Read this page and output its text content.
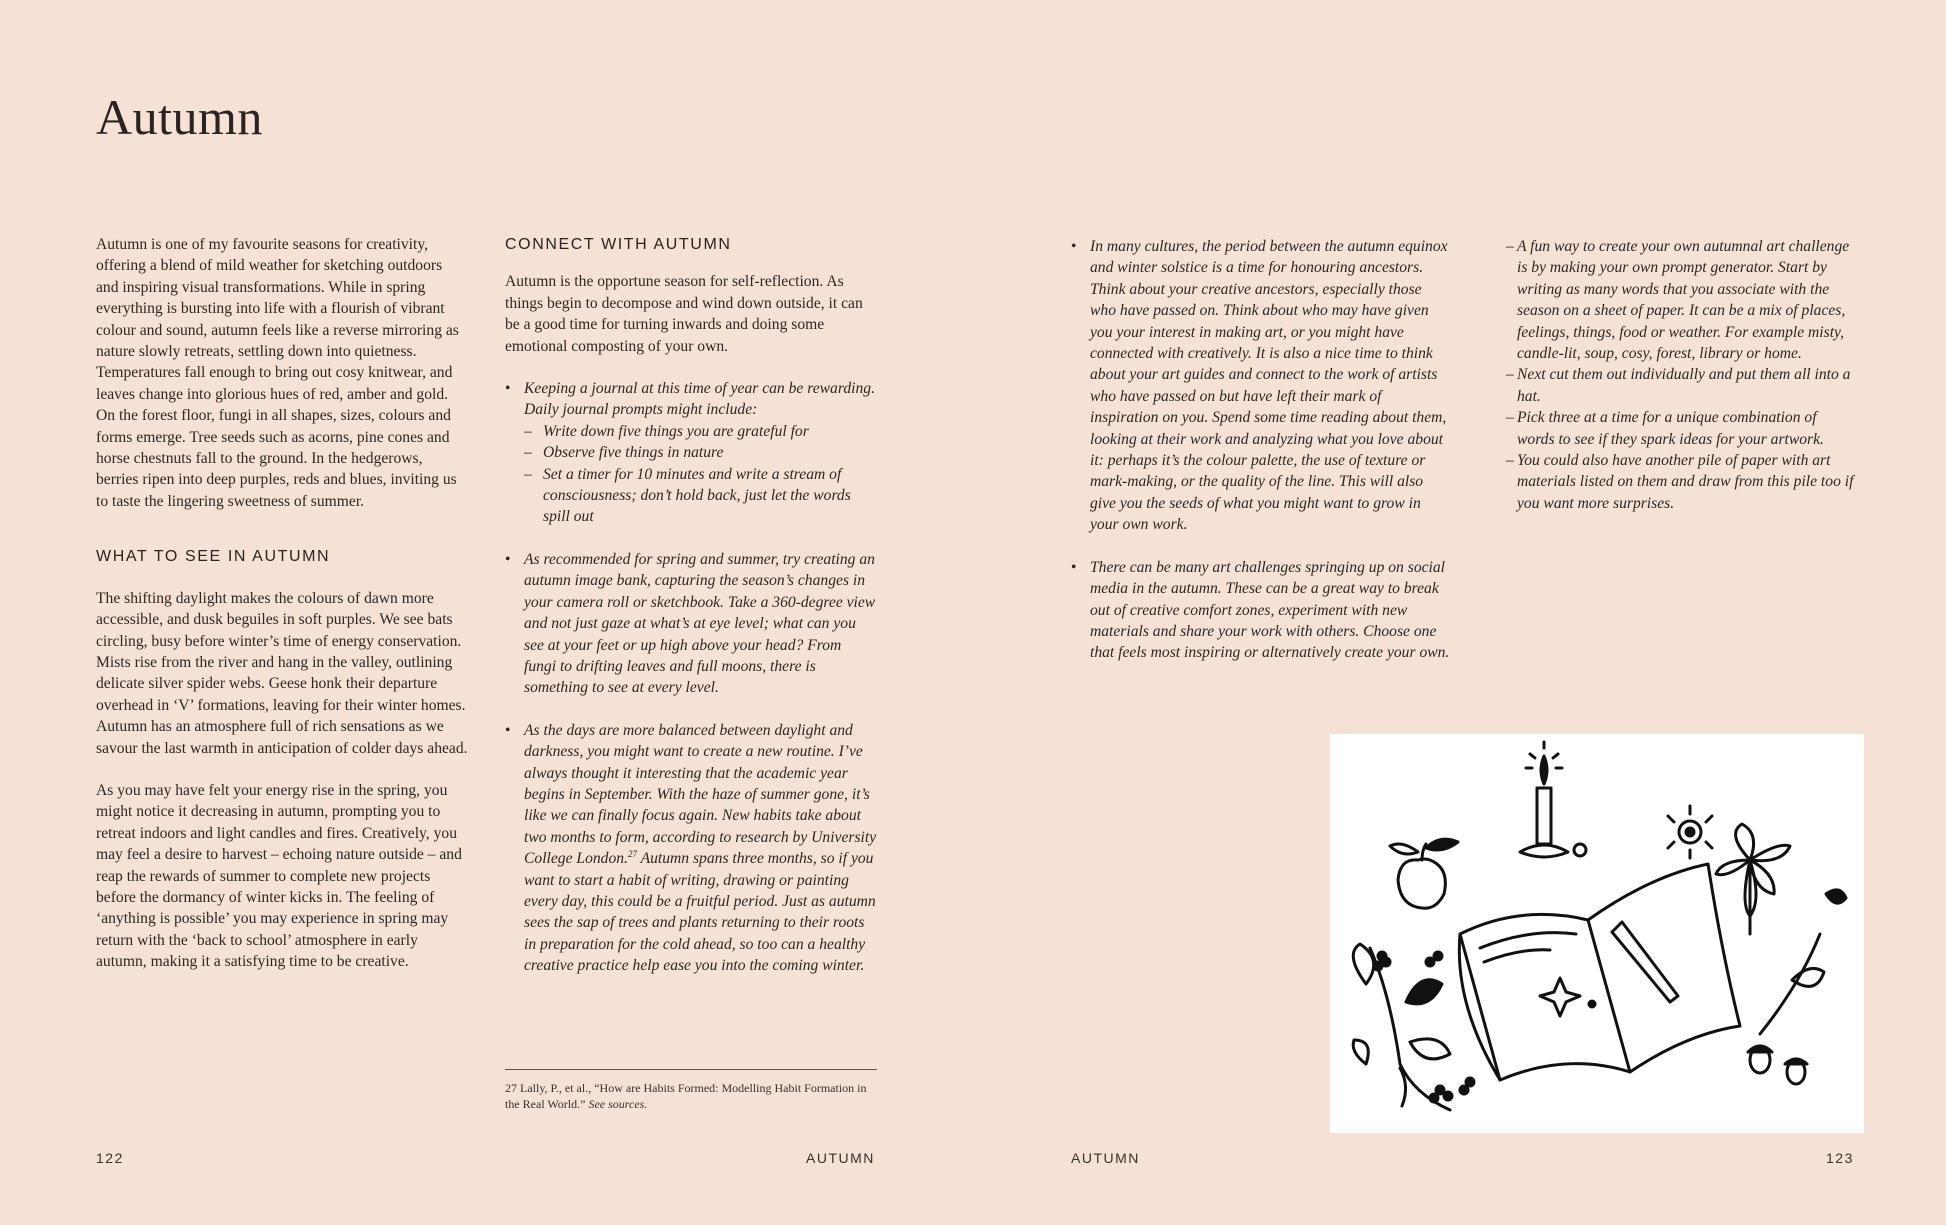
Autumn

Autumn is one of my favourite seasons for creativity, offering a blend of mild weather for sketching outdoors and inspiring visual transformations. While in spring everything is bursting into life with a flourish of vibrant colour and sound, autumn feels like a reverse mirroring as nature slowly retreats, settling down into quietness. Temperatures fall enough to bring out cosy knitwear, and leaves change into glorious hues of red, amber and gold. On the forest floor, fungi in all shapes, sizes, colours and forms emerge. Tree seeds such as acorns, pine cones and horse chestnuts fall to the ground. In the hedgerows, berries ripen into deep purples, reds and blues, inviting us to taste the lingering sweetness of summer.

WHAT TO SEE IN AUTUMN

The shifting daylight makes the colours of dawn more accessible, and dusk beguiles in soft purples. We see bats circling, busy before winter’s time of energy conservation. Mists rise from the river and hang in the valley, outlining delicate silver spider webs. Geese honk their departure overhead in ‘V’ formations, leaving for their winter homes. Autumn has an atmosphere full of rich sensations as we savour the last warmth in anticipation of colder days ahead.

As you may have felt your energy rise in the spring, you might notice it decreasing in autumn, prompting you to retreat indoors and light candles and fires. Creatively, you may feel a desire to harvest – echoing nature outside – and reap the rewards of summer to complete new projects before the dormancy of winter kicks in. The feeling of ‘anything is possible’ you may experience in spring may return with the ‘back to school’ atmosphere in early autumn, making it a satisfying time to be creative.

CONNECT WITH AUTUMN

Autumn is the opportune season for self-reflection. As things begin to decompose and wind down outside, it can be a good time for turning inwards and doing some emotional composting of your own.

• Keeping a journal at this time of year can be rewarding. Daily journal prompts might include:
– Write down five things you are grateful for
– Observe five things in nature
– Set a timer for 10 minutes and write a stream of consciousness; don’t hold back, just let the words spill out
• As recommended for spring and summer, try creating an autumn image bank, capturing the season’s changes in your camera roll or sketchbook. Take a 360-degree view and not just gaze at what’s at eye level; what can you see at your feet or up high above your head? From fungi to drifting leaves and full moons, there is something to see at every level.
• As the days are more balanced between daylight and darkness, you might want to create a new routine. I’ve always thought it interesting that the academic year begins in September. With the haze of summer gone, it’s like we can finally focus again. New habits take about two months to form, according to research by University College London.$^{27}$ Autumn spans three months, so if you want to start a habit of writing, drawing or painting every day, this could be a fruitful period. Just as autumn sees the sap of trees and plants returning to their roots in preparation for the cold ahead, so too can a healthy creative practice help ease you into the coming winter.
27 Lally, P., et al., “How are Habits Formed: Modelling Habit Formation in the Real World.” See sources.
• In many cultures, the period between the autumn equinox and winter solstice is a time for honouring ancestors. Think about your creative ancestors, especially those who have passed on. Think about who may have given you your interest in making art, or you might have connected with creatively. It is also a nice time to think about your art guides and connect to the work of artists who have passed on but have left their mark of inspiration on you. Spend some time reading about them, looking at their work and analyzing what you love about it: perhaps it’s the colour palette, the use of texture or mark-making, or the quality of the line. This will also give you the seeds of what you might want to grow in your own work.
• There can be many art challenges springing up on social media in the autumn. These can be a great way to break out of creative comfort zones, experiment with new materials and share your work with others. Choose one that feels most inspiring or alternatively create your own.
– A fun way to create your own autumnal art challenge is by making your own prompt generator. Start by writing as many words that you associate with the season on a sheet of paper. It can be a mix of places, feelings, things, food or weather. For example misty, candle-lit, soup, cosy, forest, library or home.
– Next cut them out individually and put them all into a hat.
– Pick three at a time for a unique combination of words to see if they spark ideas for your artwork.
– You could also have another pile of paper with art materials listed on them and draw from this pile too if you want more surprises.
122	AUTUMN	AUTUMN	123
